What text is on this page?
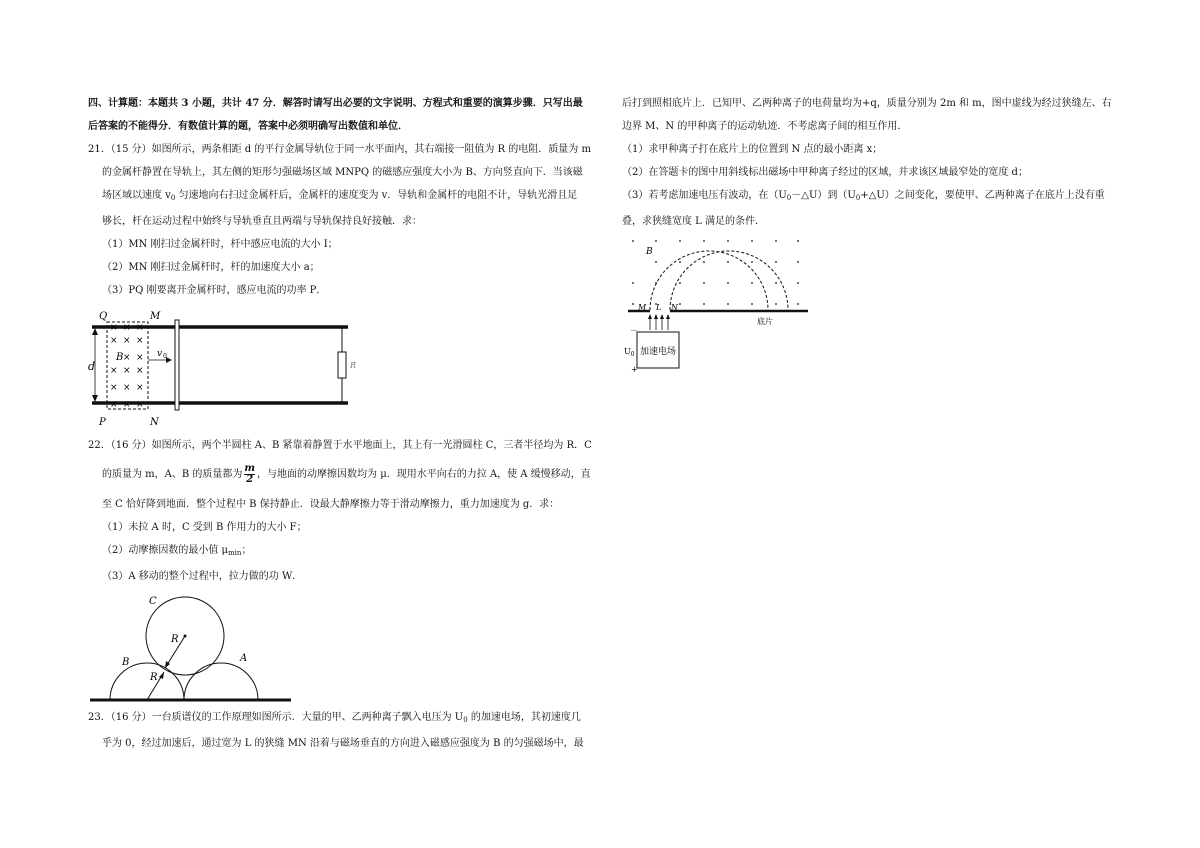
四、计算题：本题共 3 小题，共计 47 分．解答时请写出必要的文字说明、方程式和重要的演算步骤．只写出最

后答案的不能得分．有数值计算的题，答案中必须明确写出数值和单位．

21．（15 分）如图所示，两条相距 d 的平行金属导轨位于同一水平面内，其右端接一阻值为 R 的电阻．质量为 m

的金属杆静置在导轨上，其左侧的矩形匀强磁场区域 MNPQ 的磁感应强度大小为 B、方向竖直向下．当该磁

场区域以速度 $v_0$ 匀速地向右扫过金属杆后，金属杆的速度变为 v．导轨和金属杆的电阻不计，导轨光滑且足

够长，杆在运动过程中始终与导轨垂直且两端与导轨保持良好接触．求：

（1）MN 刚扫过金属杆时，杆中感应电流的大小 I；

（2）MN 刚扫过金属杆时，杆的加速度大小 a；

（3）PQ 刚要离开金属杆时，感应电流的功率 P．

Q	M
P	N
R
d
× × ×
× × ×
B × ×
× × ×
× × ×
× × ×
v 0

22．（16 分）如图所示，两个半圆柱 A、B 紧靠着静置于水平地面上，其上有一光滑圆柱 C，三者半径均为 R．C

的质量为 m，A、B 的质量都为 $\frac{m}{2}$ ，与地面的动摩擦因数均为 μ．现用水平向右的力拉 A，使 A 缓慢移动，直

至 C 恰好降到地面．整个过程中 B 保持静止．设最大静摩擦力等于滑动摩擦力，重力加速度为 g．求：

（1）未拉 A 时，C 受到 B 作用力的大小 F；

（2）动摩擦因数的最小值 $\mu_{min}$；

（3）A 移动的整个过程中，拉力做的功 W．

C
R
R
B	A

23．（16 分）一台质谱仪的工作原理如图所示．大量的甲、乙两种离子飘入电压为 $U_0$ 的加速电场，其初速度几

乎为 0，经过加速后，通过宽为 L 的狭缝 MN 沿着与磁场垂直的方向进入磁感应强度为 B 的匀强磁场中，最

后打到照相底片上．已知甲、乙两种离子的电荷量均为+q，质量分别为 2m 和 m，图中虚线为经过狭缝左、右

边界 M、N 的甲种离子的运动轨迹．不考虑离子间的相互作用．

（1）求甲种离子打在底片上的位置到 N 点的最小距离 x；

（2）在答题卡的图中用斜线标出磁场中甲种离子经过的区域，并求该区域最窄处的宽度 d；

（3）若考虑加速电压有波动，在$(U_0-\triangle U)$到$(U_0+\triangle U)$之间变化，要使甲、乙两种离子在底片上没有重

叠，求狭缝宽度 L 满足的条件．

B
M L N
底片
加速电场
－
+
$U_0$
